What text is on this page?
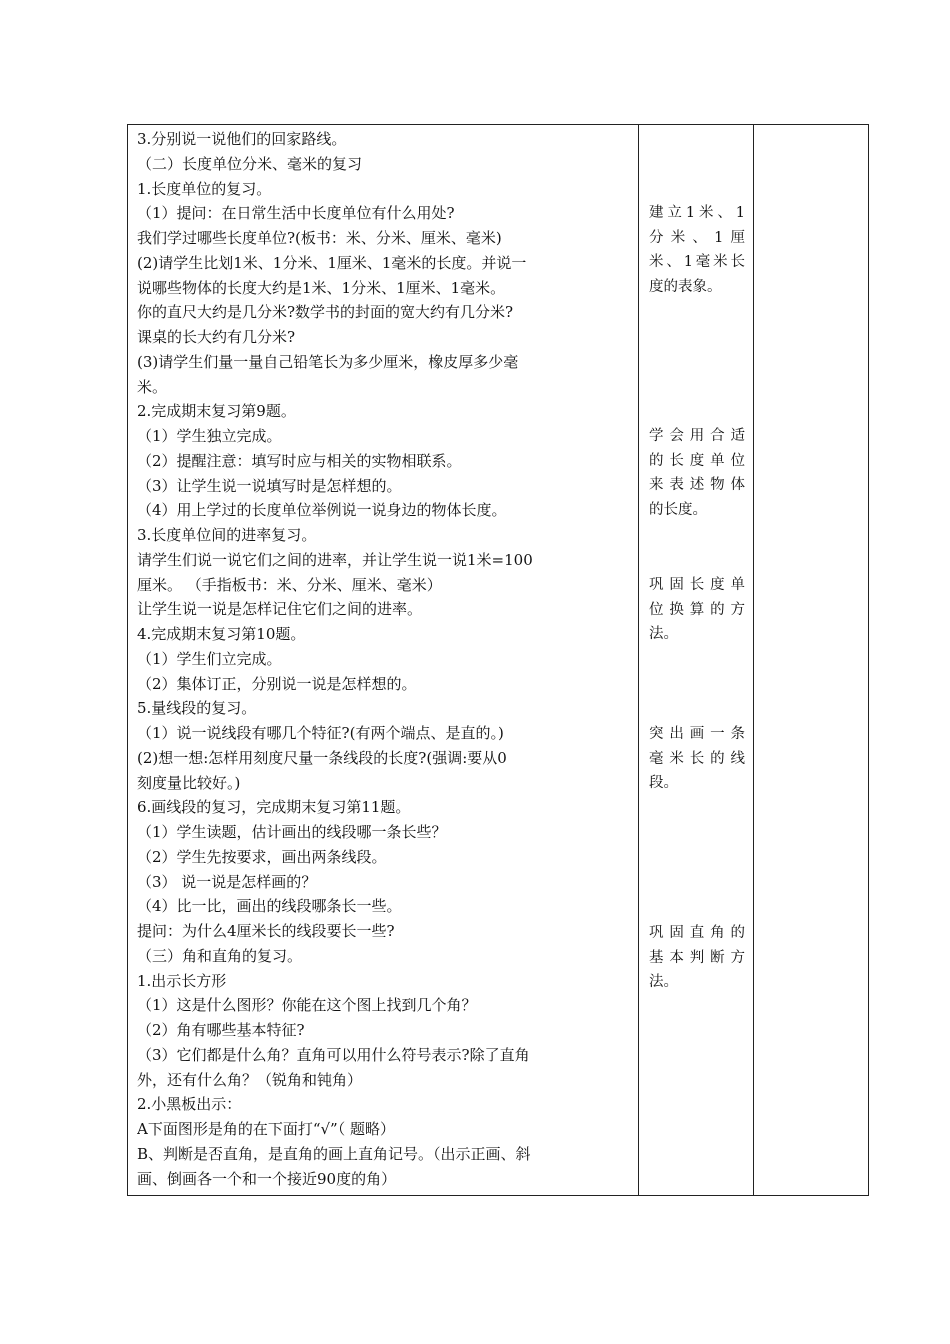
3.分别说一说他们的回家路线。
（二）长度单位分米、毫米的复习
1.长度单位的复习。
（1）提问：在日常生活中长度单位有什么用处?
我们学过哪些长度单位?(板书：米、分米、厘米、毫米)
(2)请学生比划1米、1分米、1厘米、1毫米的长度。并说一
说哪些物体的长度大约是1米、1分米、1厘米、1毫米。
你的直尺大约是几分米?数学书的封面的宽大约有几分米?
课桌的长大约有几分米?
(3)请学生们量一量自己铅笔长为多少厘米，橡皮厚多少毫
米。
2.完成期末复习第9题。
（1）学生独立完成。
（2）提醒注意：填写时应与相关的实物相联系。
（3）让学生说一说填写时是怎样想的。
（4）用上学过的长度单位举例说一说身边的物体长度。
3.长度单位间的进率复习。
请学生们说一说它们之间的进率，并让学生说一说1米=100
厘米。 （手指板书：米、分米、厘米、毫米）
让学生说一说是怎样记住它们之间的进率。
4.完成期末复习第10题。
（1）学生们立完成。
（2）集体订正，分别说一说是怎样想的。
5.量线段的复习。
（1）说一说线段有哪几个特征?(有两个端点、是直的。)
(2)想一想:怎样用刻度尺量一条线段的长度?(强调:要从0
刻度量比较好。)
6.画线段的复习，完成期末复习第11题。
（1）学生读题，估计画出的线段哪一条长些？
（2）学生先按要求，画出两条线段。
（3） 说一说是怎样画的？
（4）比一比，画出的线段哪条长一些。
提问：为什么4厘米长的线段要长一些?
（三）角和直角的复习。
1.出示长方形
（1）这是什么图形？你能在这个图上找到几个角？
（2）角有哪些基本特征?
（3）它们都是什么角？直角可以用什么符号表示?除了直角
外，还有什么角？（锐角和钝角）
2.小黑板出示：
A下面图形是角的在下面打“√”（ 题略）
B、判断是否直角，是直角的画上直角记号。（出示正画、斜
画、倒画各一个和一个接近90度的角）
建立1米、1
分米、1厘
米、1毫米长
度的表象。
学会用合适
的长度单位
来表述物体
的长度。
巩固长度单
位换算的方
法。
突出画一条
毫米长的线
段。
巩固直角的
基本判断方
法。
